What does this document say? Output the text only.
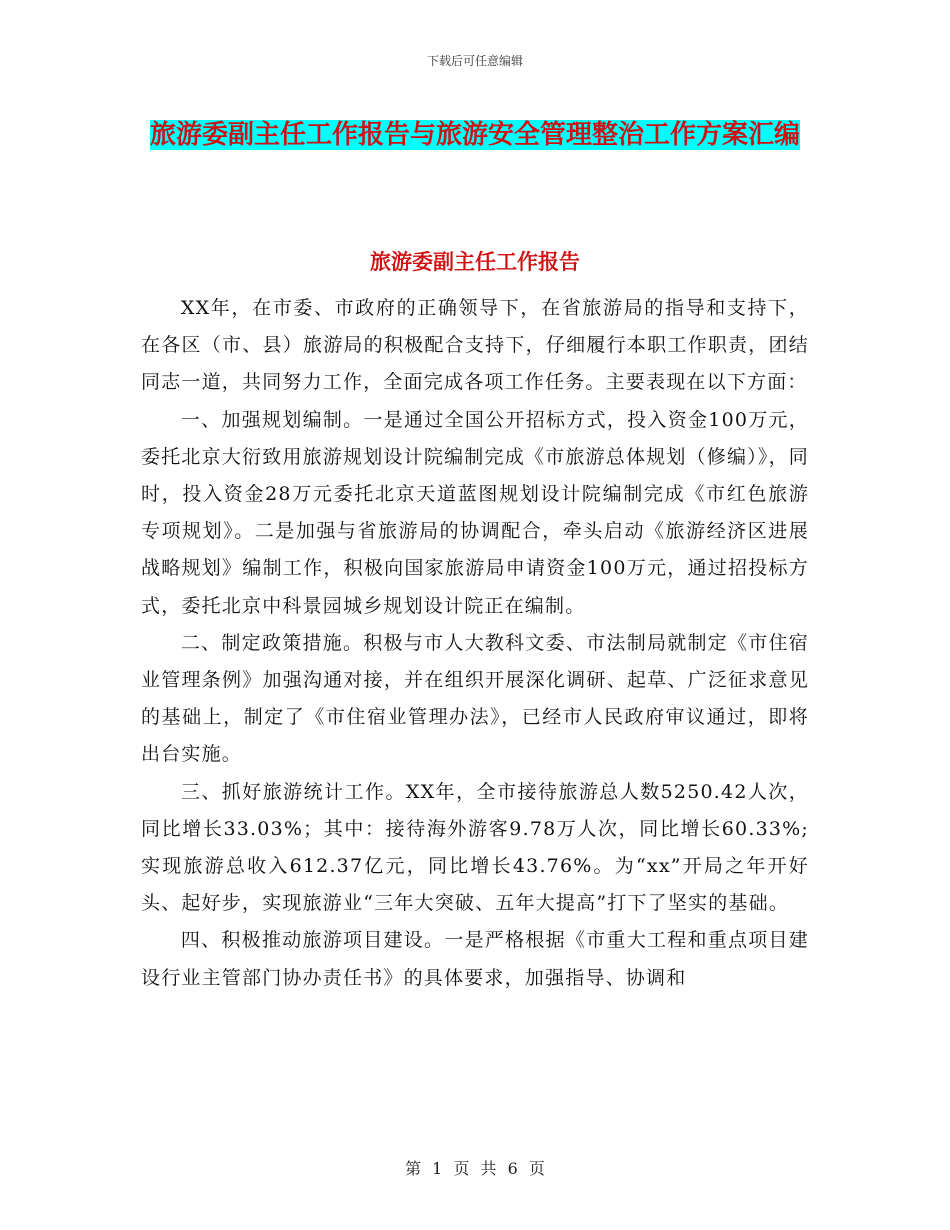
下载后可任意编辑
旅游委副主任工作报告与旅游安全管理整治工作方案汇编
旅游委副主任工作报告

XX年，在市委、市政府的正确领导下，在省旅游局的指导和支持下，在各区（市、县）旅游局的积极配合支持下，仔细履行本职工作职责，团结同志一道，共同努力工作，全面完成各项工作任务。主要表现在以下方面：

一、加强规划编制。一是通过全国公开招标方式，投入资金100万元，委托北京大衍致用旅游规划设计院编制完成《市旅游总体规划（修编）》，同时，投入资金28万元委托北京天道蓝图规划设计院编制完成《市红色旅游专项规划》。二是加强与省旅游局的协调配合，牵头启动《旅游经济区进展战略规划》编制工作，积极向国家旅游局申请资金100万元，通过招投标方式，委托北京中科景园城乡规划设计院正在编制。

二、制定政策措施。积极与市人大教科文委、市法制局就制定《市住宿业管理条例》加强沟通对接，并在组织开展深化调研、起草、广泛征求意见的基础上，制定了《市住宿业管理办法》，已经市人民政府审议通过，即将出台实施。

三、抓好旅游统计工作。XX年，全市接待旅游总人数5250.42人次，同比增长33.03%；其中：接待海外游客9.78万人次，同比增长60.33%;实现旅游总收入612.37亿元，同比增长43.76%。为“xx”开局之年开好头、起好步，实现旅游业“三年大突破、五年大提高”打下了坚实的基础。

四、积极推动旅游项目建设。一是严格根据《市重大工程和重点项目建设行业主管部门协办责任书》的具体要求，加强指导、协调和

第 1 页 共 6 页
